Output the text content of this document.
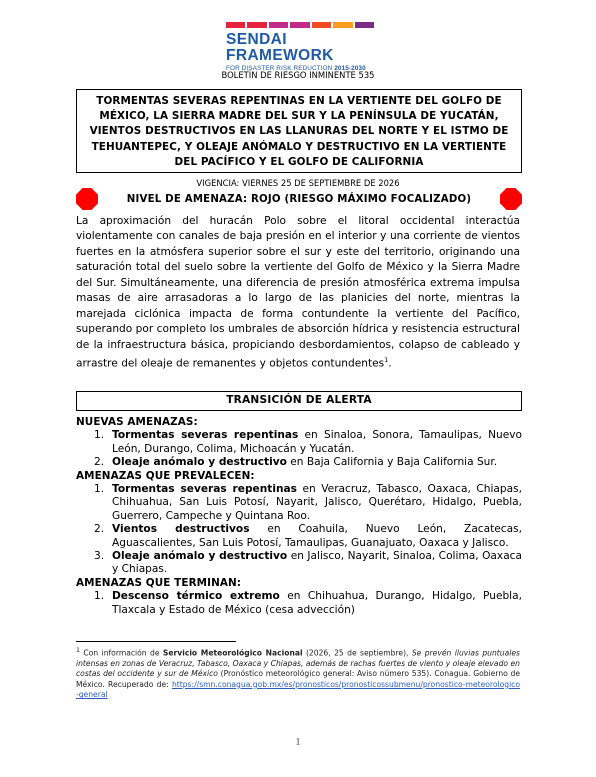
SENDAI FRAMEWORK
FOR DISASTER RISK REDUCTION 2015-2030
BOLETÍN DE RIESGO INMINENTE 535
TORMENTAS SEVERAS REPENTINAS EN LA VERTIENTE DEL GOLFO DE MÉXICO, LA SIERRA MADRE DEL SUR Y LA PENÍNSULA DE YUCATÁN, VIENTOS DESTRUCTIVOS EN LAS LLANURAS DEL NORTE Y EL ISTMO DE TEHUANTEPEC, Y OLEAJE ANÓMALO Y DESTRUCTIVO EN LA VERTIENTE DEL PACÍFICO Y EL GOLFO DE CALIFORNIA
VIGENCIA: VIERNES 25 DE SEPTIEMBRE DE 2026
NIVEL DE AMENAZA: ROJO (RIESGO MÁXIMO FOCALIZADO)
La aproximación del huracán Polo sobre el litoral occidental interactúa violentamente con canales de baja presión en el interior y una corriente de vientos fuertes en la atmósfera superior sobre el sur y este del territorio, originando una saturación total del suelo sobre la vertiente del Golfo de México y la Sierra Madre del Sur. Simultáneamente, una diferencia de presión atmosférica extrema impulsa masas de aire arrasadoras a lo largo de las planicies del norte, mientras la marejada ciclónica impacta de forma contundente la vertiente del Pacífico, superando por completo los umbrales de absorción hídrica y resistencia estructural de la infraestructura básica, propiciando desbordamientos, colapso de cableado y arrastre del oleaje de remanentes y objetos contundentes$^1$.
TRANSICIÓN DE ALERTA
NUEVAS AMENAZAS:
1. Tormentas severas repentinas en Sinaloa, Sonora, Tamaulipas, Nuevo León, Durango, Colima, Michoacán y Yucatán.
2. Oleaje anómalo y destructivo en Baja California y Baja California Sur.
AMENAZAS QUE PREVALECEN:
1. Tormentas severas repentinas en Veracruz, Tabasco, Oaxaca, Chiapas, Chihuahua, San Luis Potosí, Nayarit, Jalisco, Querétaro, Hidalgo, Puebla, Guerrero, Campeche y Quintana Roo.
2. Vientos destructivos en Coahuila, Nuevo León, Zacatecas, Aguascalientes, San Luis Potosí, Tamaulipas, Guanajuato, Oaxaca y Jalisco.
3. Oleaje anómalo y destructivo en Jalisco, Nayarit, Sinaloa, Colima, Oaxaca y Chiapas.
AMENAZAS QUE TERMINAN:
1. Descenso térmico extremo en Chihuahua, Durango, Hidalgo, Puebla, Tlaxcala y Estado de México (cesa advección)
$^1$ Con información de Servicio Meteorológico Nacional (2026, 25 de septiembre), Se prevén lluvias puntuales intensas en zonas de Veracruz, Tabasco, Oaxaca y Chiapas, además de rachas fuertes de viento y oleaje elevado en costas del occidente y sur de México (Pronóstico meteorológico general: Aviso número 535). Conagua. Gobierno de México. Recuperado de: https://smn.conagua.gob.mx/es/pronosticos/pronosticossubmenu/pronostico-meteorologico-general
1
